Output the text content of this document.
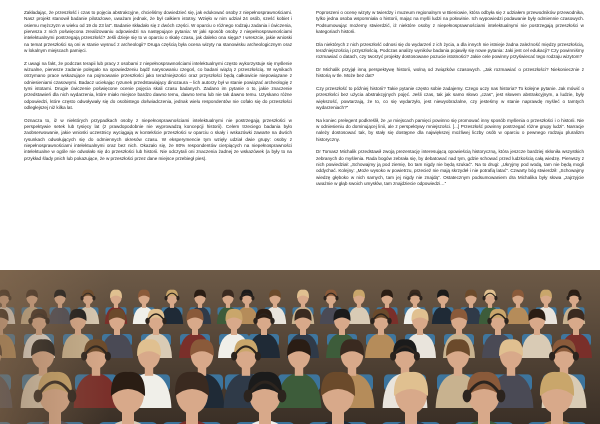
Zakładając, że przeszłość i czas to pojęcia abstrakcyjne, chcieliśmy dowiedzieć się, jak edukować osoby z niepełnosprawnościami. Nasz projekt stanowił badanie pilotażowe, uważam jednak, że był całkiem istotny. Wzięło w nim udział 24 osób, sześć kobiet i osiemu mężczyzn w wieku od 19 do 23 lat". Badanie składało się z dwóch części. W oparciu o różnego rodzaju zadania i ćwiczenia, pierwsza z nich poświęcona zrealizowaniu odpowiedzi na następujące pytania: W jaki sposób osoby z niepełnosprawnościami intelektualnymi postrzegają przeszłość? Jeśli dzieje się to w oparciu o skalę czasu, jak daleko ona sięga? I wreszcie, jakie wnioski na temat przeszłości są oni w stanie wysnuć z archeologii? Druga częścią była ocena wizyty na stanowisku archeologicznym oraz w lokalnym miejscach pamięci.

Z uwagi na fakt, że podczas terapii lub pracy z osobami z niepełnosprawnościami intelektualnymi często wykorzystuje się myślenie wizualne, pierwsze zadanie polegało na opowiedzeniu bądź narysowaniu czegoś, co badani wiążą z przeszłością. W wynikach otrzymano prace wskazujące na pojmowanie przeszłości jako teraźniejszości oraz przyszłości będą całkowicie niepowiązane z odniesieniami czasowymi. Badacz uciekając ryzunek przedstawiający dinozaura – lich autorzy był w stanie powiązać archeologię z tymi istotami. Drugie ćwiczenie poświęcone ocenie pojęcia skali czasu badanych. Zadano im pytanie o to, jakie znaczenie przedstawień dla nich wydarzenia, które miało miejsce bardzo dawno temu, dawno temu lub nie tak dawno temu. Uzyskano różne odpowiedzi, które często odwoływały się do osobistego doświadczenia, jednak wielu respondentów nie cofało się do przeszłości odległejszej niż kilka lat.

Oznacza to, iż w niektórych przypadkach osoby z niepełnosprawnościami intelektualnymi nie postrzegają przeszłości w perspektywie setek lub tysięcy lat (z prawdopodobnie nie wyprowadzą koncepcji historii). Celem trzeciego badania było zaobserwowanie, jakie wnioski uczestnicy wyciągają w kontekście przeszłości w oparciu o skały i wskazówki zawarte na dwóch rysunkach odwołujących się do odmiennych okresów czasu. W eksperymencie tym wzięły udział dwie grupy: osoby z niepełnosprawnościami intelektualnymi oraz bez nich. Okazało się, że 80% respondentów cierpiących na niepełnosprawności intelektualne w ogóle nie odwołało się do przeszłości lub historii. Nie odczytali oni znaczenia żadnej ze wskazówek (a były to na przykład ślady pnich lub pokazujące, że w przeszłości przez dane miejsce przebiegł pies).

Poproszeni o ocenę wizyty w twierdzy i muzeum regionalnym w Bieniowie, która odbyła się z udziałem przewodników przewodnika, tylko jedna osoba wspomniała o historii, mając na myśli ludzi na połowinie. Ich wypowiedzi podawanie były odmiennie czasowych. Podsumowując możemy stwierdzić, iż niektóre osoby z niepełnosprawnościami intelektualnymi nie postrzegają przeszłości w kategoriach historii.

Dla niektórych z nich przeszłość odnosi się do wydarzeń z ich życia, a dla innych nie istnieje żadna zależność między przeszłością, teraźniejszością i przyszłością. Podczas analizy wyników badania pojawiły się nowe pytania: Jaki jest cel edukacji? Czy powinniśmy rozmawiać o datach, czy tworzyć projekty dostosowane pozucie istotności? Jakie cele powinny przyświecać tego rodzaju wizytom?

Dr Michalik przyjął inną perspektywę historii, wolną od związków czasowych. „Jak rozmawiać o przeszłości? Niekoniecznie z historią w tle. Może bez dat?

Czy przeszłość to później historii? Takie pytanie często sobie zadajemy. Czego uczy nas historia? To kolejne pytanie. Jak mówić o przeszłości bez użycia abstrakcyjnych pojęć. Jeśli czas, tak jak samo słowo „czas”, jest słowem abstrakcyjnym, a ludzie, były większość, powtarzają, że to, co się wydarzyło, jest niewyobrażalne, czy jesteśmy w stanie naprawdę myśleć o tamtych wydarzeniach?”

Na koniec prelegent podkreślił, że „w miejscach pamięci powinno się promować inny sposób myślenia o przeszłości i o historii. Nie w odniesieniu do dominującej linii, ale z perspektywy mniejszości. [...] Przeszłość powinny postrzegać różne grupy ludzi”. Narracje należy dostosować tak, by stały się dostępne dla największej możliwej liczby osób w oparciu o pewnego rodzaju pluralizm historyczny.

Dr Tomasz Michalik przedstawił zwoją prezentację interesującą opowieścią historyczną, która jeszcze bardziej skłoniła wszystkich zebranych do myślenia. Rada bogów zebrała się, by debatować nad tym, gdzie schować przed ludzkością całą wiedzę. Pierwszy z nich powiedział: „Schowajmy ją pod ziemię, bo tam nigdy nie będą szukać”. Na to drugi: „Ukryjmy pod wodą, tam nie będą mogli oddychać. Kolejny: „Może wysoko w powietrzu, przecież nie mają skrzydeł i nie potrafią latać”. Czwarty bóg stwierdził: „Schowajmy wiedzę głęboko w nich samych, tam jej nigdy nie znajdą”. Ostatecznym podsumowaniem dra Michalika były słowa „zajrzyjcie uważnie w głąb swoich umysłów, tam znajdziecie odpowiedzi…”
